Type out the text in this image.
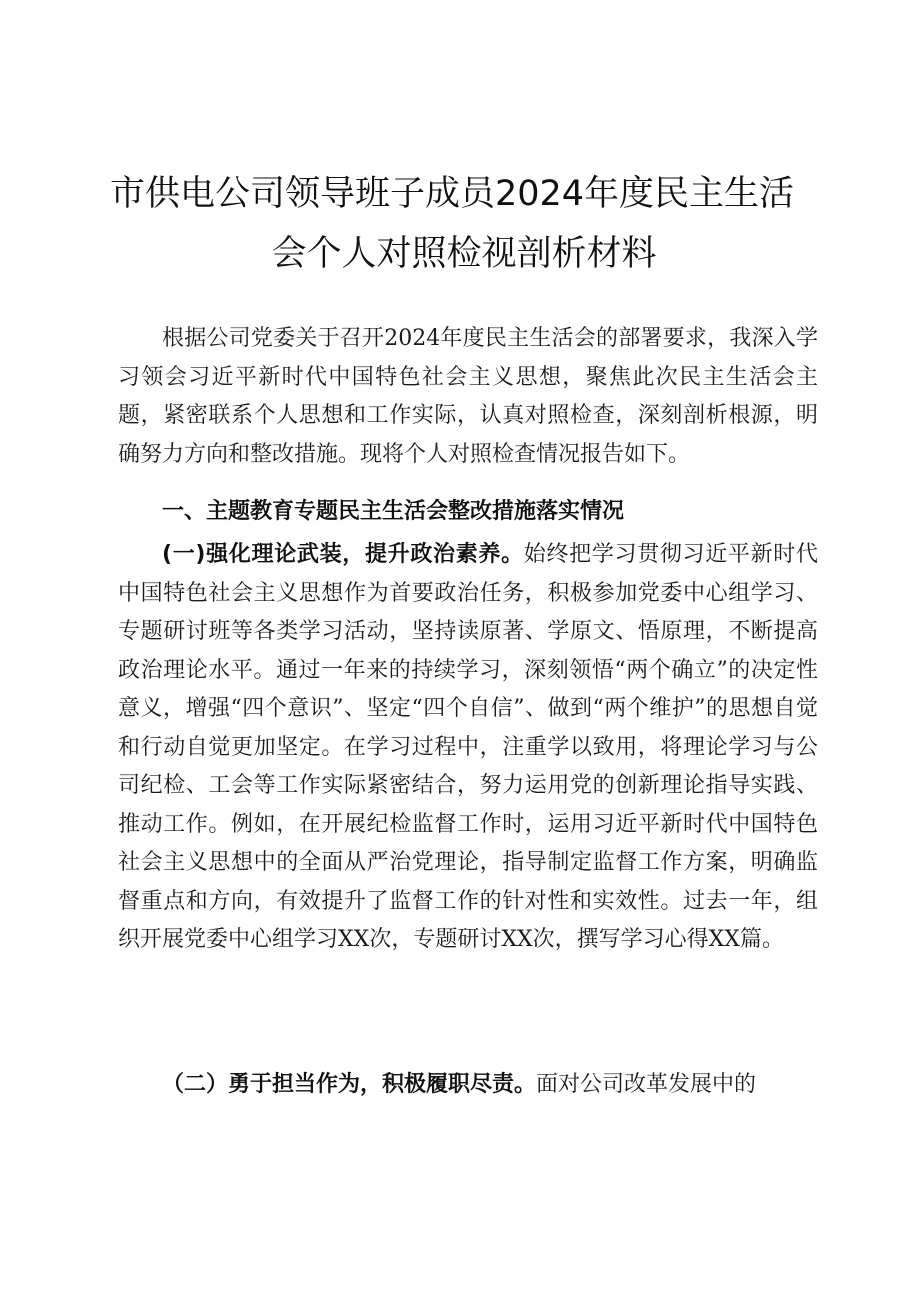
市供电公司领导班子成员2024年度民主生活
会个人对照检视剖析材料

根据公司党委关于召开2024年度民主生活会的部署要求，我深入学习领会习近平新时代中国特色社会主义思想，聚焦此次民主生活会主题，紧密联系个人思想和工作实际，认真对照检查，深刻剖析根源，明确努力方向和整改措施。现将个人对照检查情况报告如下。

一、主题教育专题民主生活会整改措施落实情况

(一)强化理论武装，提升政治素养。始终把学习贯彻习近平新时代中国特色社会主义思想作为首要政治任务，积极参加党委中心组学习、专题研讨班等各类学习活动，坚持读原著、学原文、悟原理，不断提高政治理论水平。通过一年来的持续学习，深刻领悟“两个确立”的决定性意义，增强“四个意识”、坚定“四个自信”、做到“两个维护”的思想自觉和行动自觉更加坚定。在学习过程中，注重学以致用，将理论学习与公司纪检、工会等工作实际紧密结合，努力运用党的创新理论指导实践、推动工作。例如，在开展纪检监督工作时，运用习近平新时代中国特色社会主义思想中的全面从严治党理论，指导制定监督工作方案，明确监督重点和方向，有效提升了监督工作的针对性和实效性。过去一年，组织开展党委中心组学习XX次，专题研讨XX次，撰写学习心得XX篇。

（二）勇于担当作为，积极履职尽责。面对公司改革发展中的
